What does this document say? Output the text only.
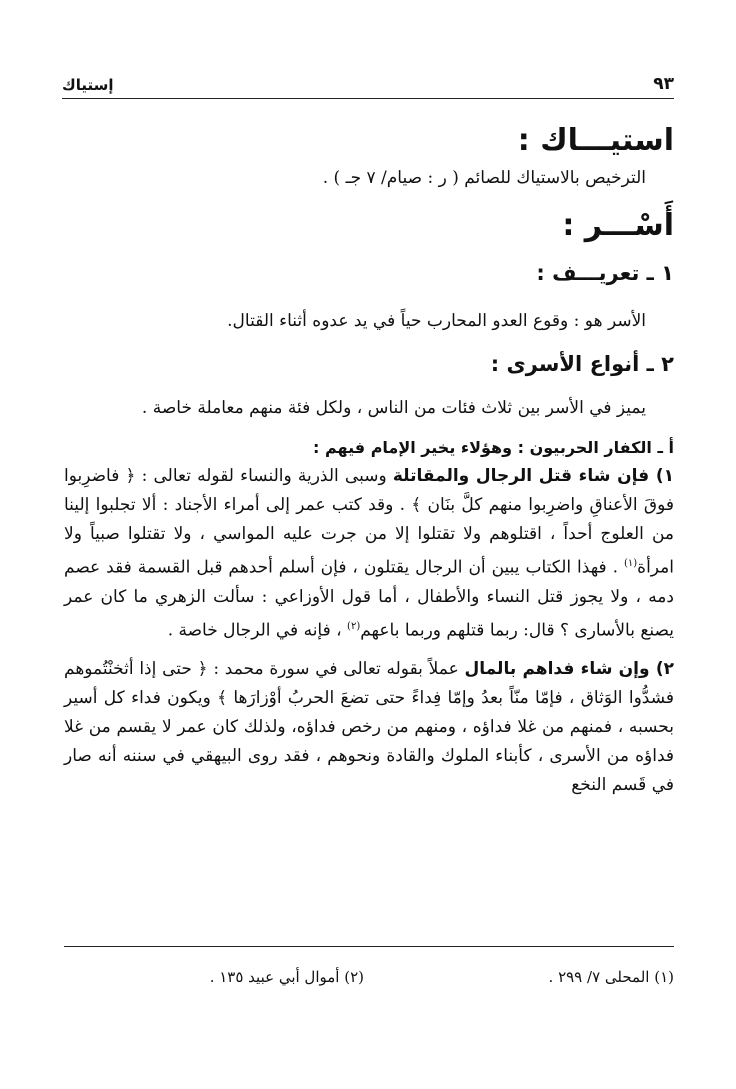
٩٣
إستياك
استيـــاك :

الترخيص بالاستياك للصائم ( ر : صيام/ ٧ جـ ) .

أَسْـــر :
١ ـ تعريـــف :

الأسر هو : وقوع العدو المحارب حياً في يد عدوه أثناء القتال.

٢ ـ أنواع الأسرى :

يميز في الأسر بين ثلاث فئات من الناس ، ولكل فئة منهم معاملة خاصة .

أ ـ الكفار الحربيون : وهؤلاء يخير الإمام فيهم :

١) فإن شاء قتل الرجال والمقاتلة وسبى الذرية والنساء لقوله تعالى : ﴿ فاضرِبوا فوقَ الأعناقِ واضرِبوا منهم كلَّ بنَان ﴾ . وقد كتب عمر إلى أمراء الأجناد : ألا تجلبوا إلينا من العلوج أحداً ، اقتلوهم ولا تقتلوا إلا من جرت عليه المواسي ، ولا تقتلوا صبياً ولا امرأة$^{(١)}$ . فهذا الكتاب يبين أن الرجال يقتلون ، فإن أسلم أحدهم قبل القسمة فقد عصم دمه ، ولا يجوز قتل النساء والأطفال ، أما قول الأوزاعي : سألت الزهري ما كان عمر يصنع بالأسارى ؟ قال: ربما قتلهم وربما باعهم$^{(٢)}$ ، فإنه في الرجال خاصة .

٢) وإن شاء فداهم بالمال عملاً بقوله تعالى في سورة محمد : ﴿ حتى إذا أثخنْتُموهم فشدُّوا الوَثاق ، فإمّا منّاً بعدُ وإمّا فِداءً حتى تضعَ الحربُ أوْزارَها ﴾ ويكون فداء كل أسير بحسبه ، فمنهم من غلا فداؤه ، ومنهم من رخص فداؤه، ولذلك كان عمر لا يقسم من غلا فداؤه من الأسرى ، كأبناء الملوك والقادة ونحوهم ، فقد روى البيهقي في سننه أنه صار في قَسم النخع

(١) المحلى ٧/ ٢٩٩ .
(٢) أموال أبي عبيد ١٣٥ .
